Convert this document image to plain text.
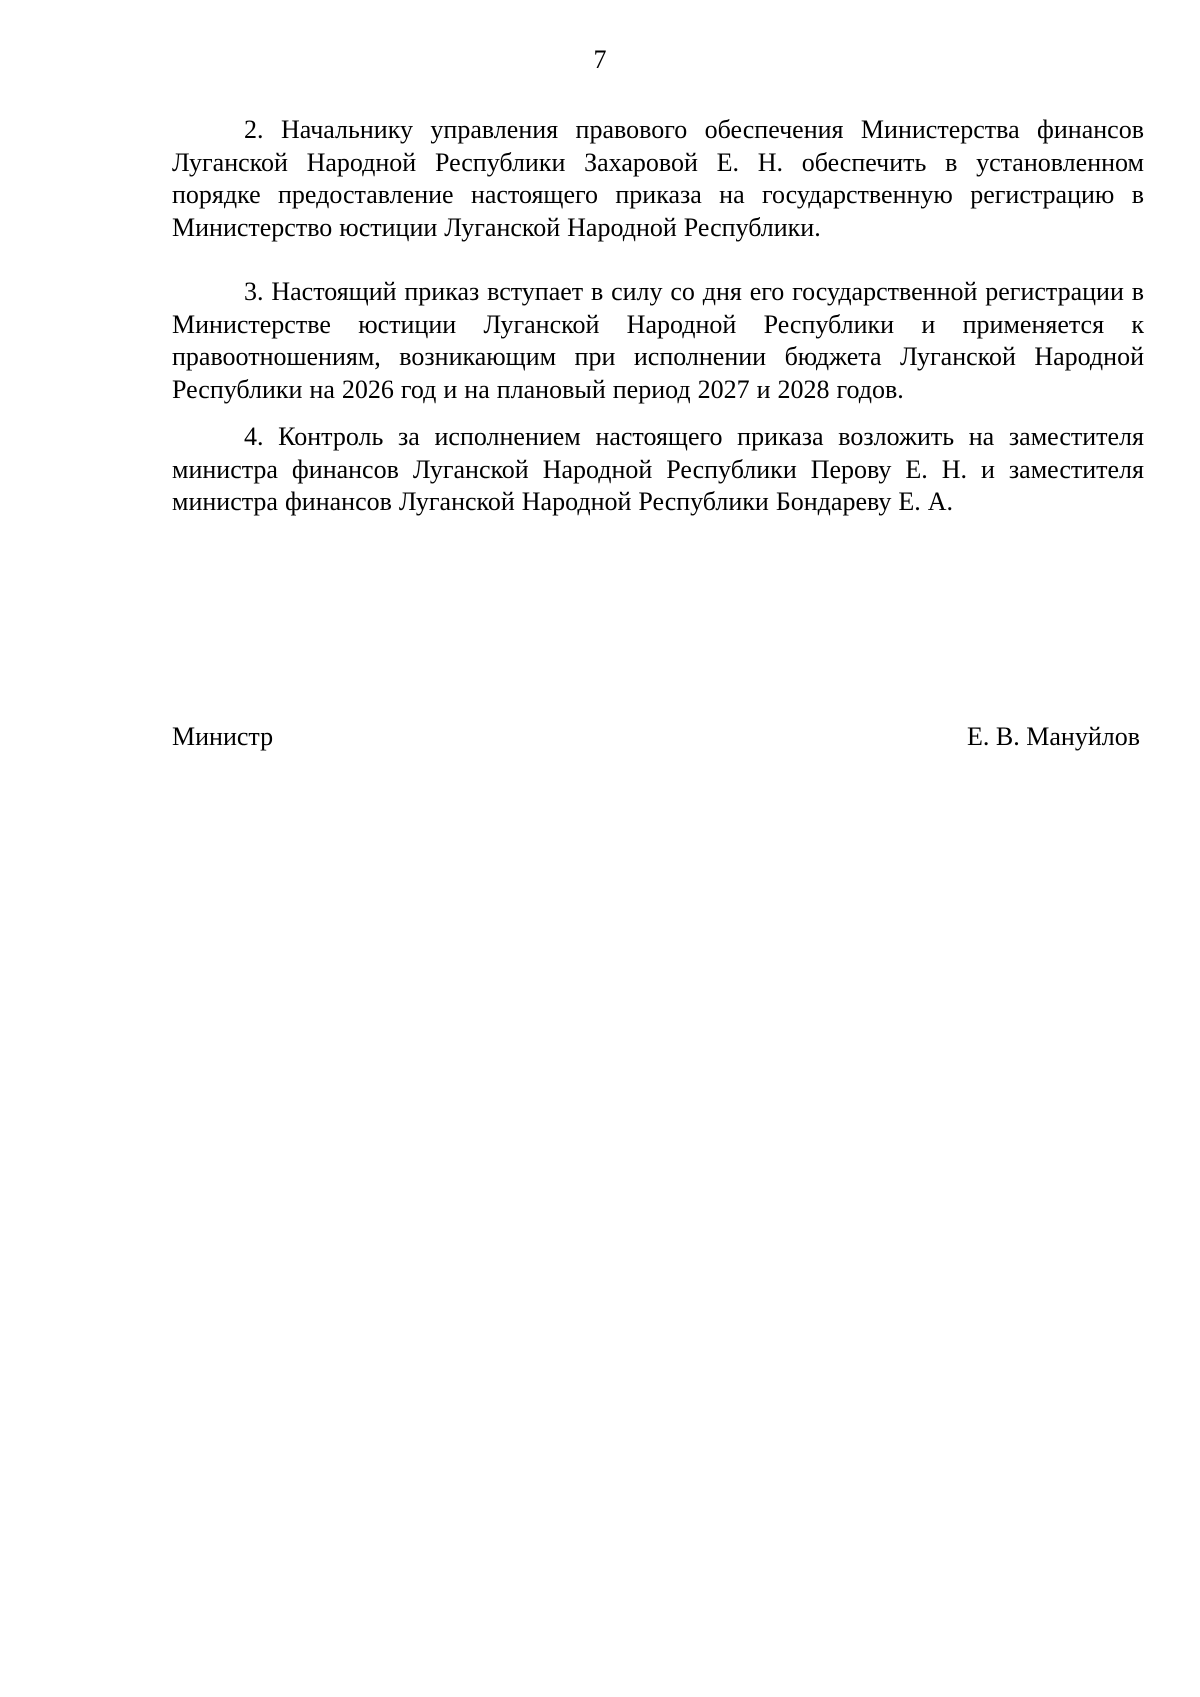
7

2. Начальнику управления правового обеспечения Министерства финансов Луганской Народной Республики Захаровой Е. Н. обеспечить в установленном порядке предоставление настоящего приказа на государственную регистрацию в Министерство юстиции Луганской Народной Республики.

3. Настоящий приказ вступает в силу со дня его государственной регистрации в Министерстве юстиции Луганской Народной Республики и применяется к правоотношениям, возникающим при исполнении бюджета Луганской Народной Республики на 2026 год и на плановый период 2027 и 2028 годов.

4. Контроль за исполнением настоящего приказа возложить на заместителя министра финансов Луганской Народной Республики Перову Е. Н. и заместителя министра финансов Луганской Народной Республики Бондареву Е. А.

Министр	Е. В. Мануйлов
